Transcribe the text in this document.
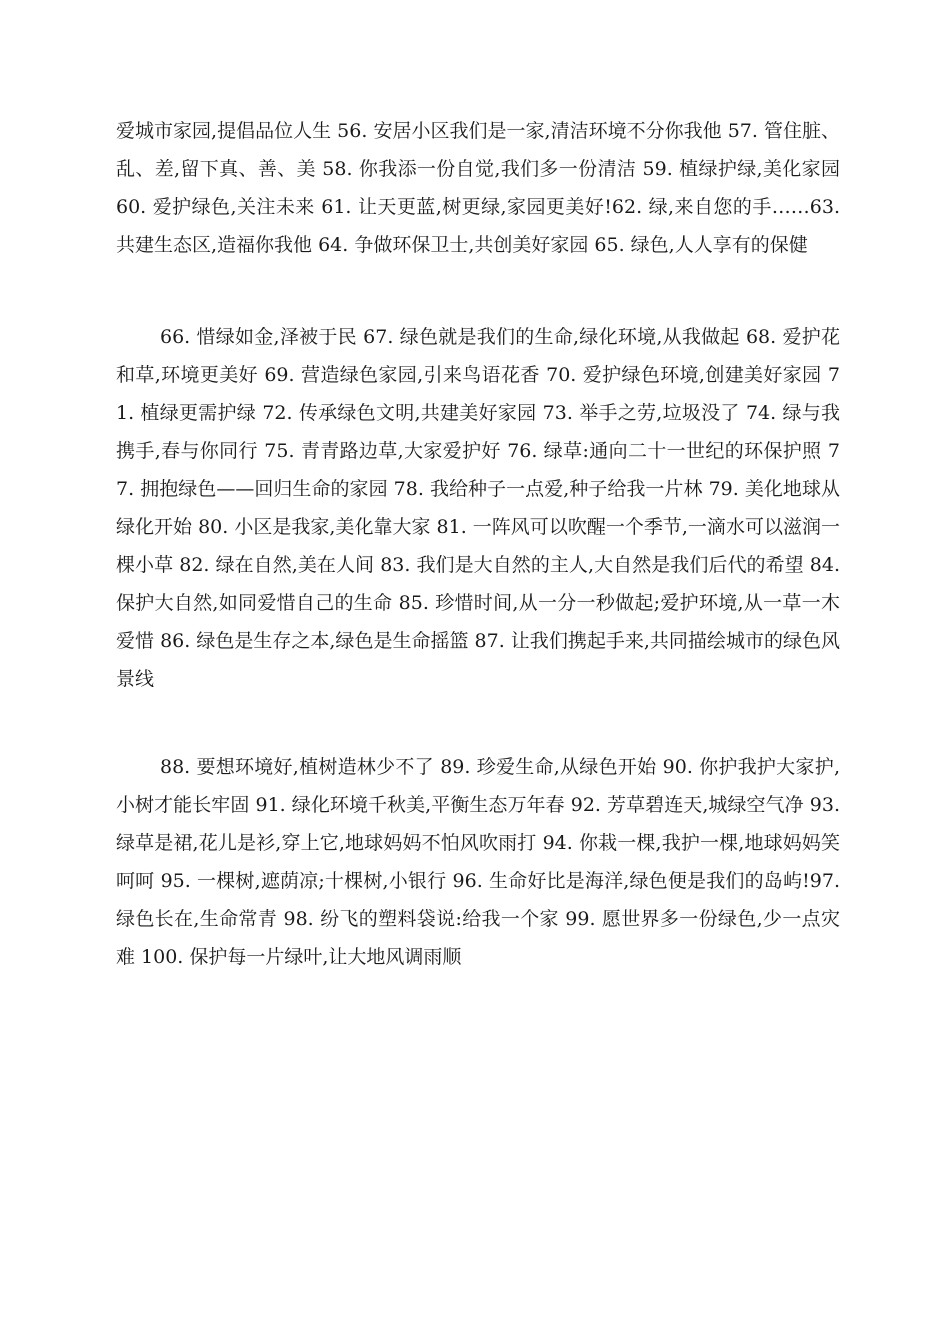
爱城市家园,提倡品位人生 56. 安居小区我们是一家,清洁环境不分你我他 57. 管住脏、乱、差,留下真、善、美 58. 你我添一份自觉,我们多一份清洁 59. 植绿护绿,美化家园 60. 爱护绿色,关注未来 61. 让天更蓝,树更绿,家园更美好!62. 绿,来自您的手……63. 共建生态区,造福你我他 64. 争做环保卫士,共创美好家园 65. 绿色,人人享有的保健

66. 惜绿如金,泽被于民 67. 绿色就是我们的生命,绿化环境,从我做起 68. 爱护花和草,环境更美好 69. 营造绿色家园,引来鸟语花香 70. 爱护绿色环境,创建美好家园 71. 植绿更需护绿 72. 传承绿色文明,共建美好家园 73. 举手之劳,垃圾没了 74. 绿与我携手,春与你同行 75. 青青路边草,大家爱护好 76. 绿草:通向二十一世纪的环保护照 77. 拥抱绿色——回归生命的家园 78. 我给种子一点爱,种子给我一片林 79. 美化地球从绿化开始 80. 小区是我家,美化靠大家 81. 一阵风可以吹醒一个季节,一滴水可以滋润一棵小草 82. 绿在自然,美在人间 83. 我们是大自然的主人,大自然是我们后代的希望 84. 保护大自然,如同爱惜自己的生命 85. 珍惜时间,从一分一秒做起;爱护环境,从一草一木爱惜 86. 绿色是生存之本,绿色是生命摇篮 87. 让我们携起手来,共同描绘城市的绿色风景线

88. 要想环境好,植树造林少不了 89. 珍爱生命,从绿色开始 90. 你护我护大家护,小树才能长牢固 91. 绿化环境千秋美,平衡生态万年春 92. 芳草碧连天,城绿空气净 93. 绿草是裙,花儿是衫,穿上它,地球妈妈不怕风吹雨打 94. 你栽一棵,我护一棵,地球妈妈笑呵呵 95. 一棵树,遮荫凉;十棵树,小银行 96. 生命好比是海洋,绿色便是我们的岛屿!97. 绿色长在,生命常青 98. 纷飞的塑料袋说:给我一个家 99. 愿世界多一份绿色,少一点灾难 100. 保护每一片绿叶,让大地风调雨顺
